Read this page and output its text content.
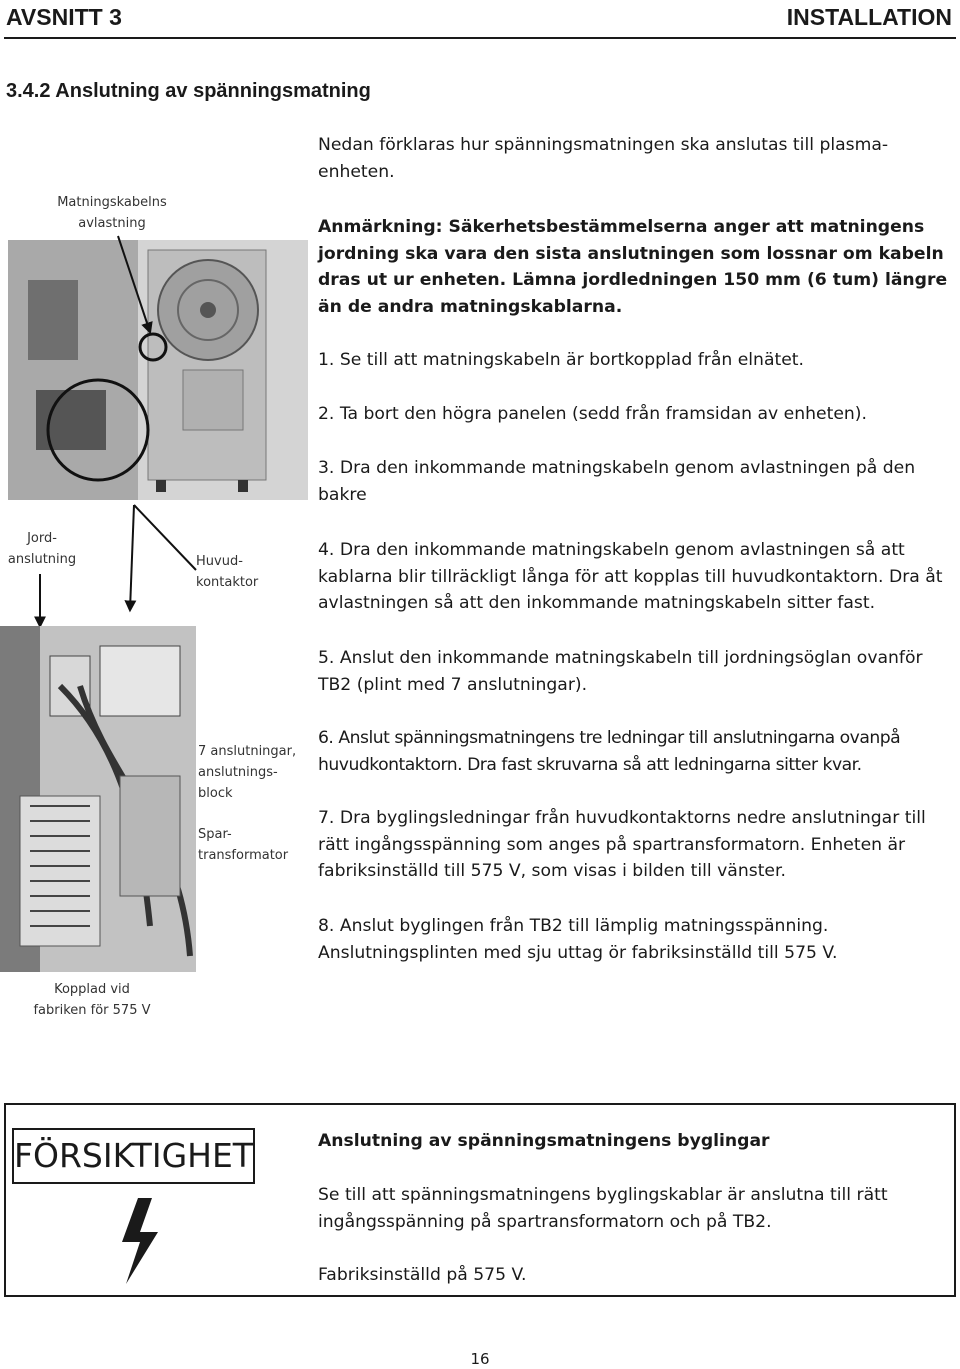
AVSNITT 3	INSTALLATION
3.4.2 Anslutning av spänningsmatning
Matningskabelns avlastning
Jord- anslutning	Huvud- kontaktor
7 anslutningar, anslutnings- block
Spar- transformator
Kopplad vid fabriken för 575 V
Nedan förklaras hur spänningsmatningen ska anslutas till plasma-enheten.
Anmärkning: Säkerhetsbestämmelserna anger att matningens jordning ska vara den sista anslutningen som lossnar om kabeln dras ut ur enheten. Lämna jordledningen 150 mm (6 tum) längre än de andra matningskablarna.
1. Se till att matningskabeln är bortkopplad från elnätet.
2. Ta bort den högra panelen (sedd från framsidan av enheten).
3. Dra den inkommande matningskabeln genom avlastningen på den bakre
4. Dra den inkommande matningskabeln genom avlastningen så att kablarna blir tillräckligt långa för att kopplas till huvudkontaktorn. Dra åt avlastningen så att den inkommande matningskabeln sitter fast.
5. Anslut den inkommande matningskabeln till jordningsöglan ovanför TB2 (plint med 7 anslutningar).
6. Anslut spänningsmatningens tre ledningar till anslutningarna ovanpå huvudkontaktorn. Dra fast skruvarna så att ledningarna sitter kvar.
7. Dra byglingsledningar från huvudkontaktorns nedre anslutningar till rätt ingångsspänning som anges på spartransformatorn. Enheten är fabriksinställd till 575 V, som visas i bilden till vänster.
8. Anslut byglingen från TB2 till lämplig matningsspänning. Anslutningsplinten med sju uttag ör fabriksinställd till 575 V.
FÖRSIKTIGHET	Anslutning av spänningsmatningens byglingar
Se till att spänningsmatningens byglingskablar är anslutna till rätt ingångsspänning på spartransformatorn och på TB2.
Fabriksinställd på 575 V.
16
